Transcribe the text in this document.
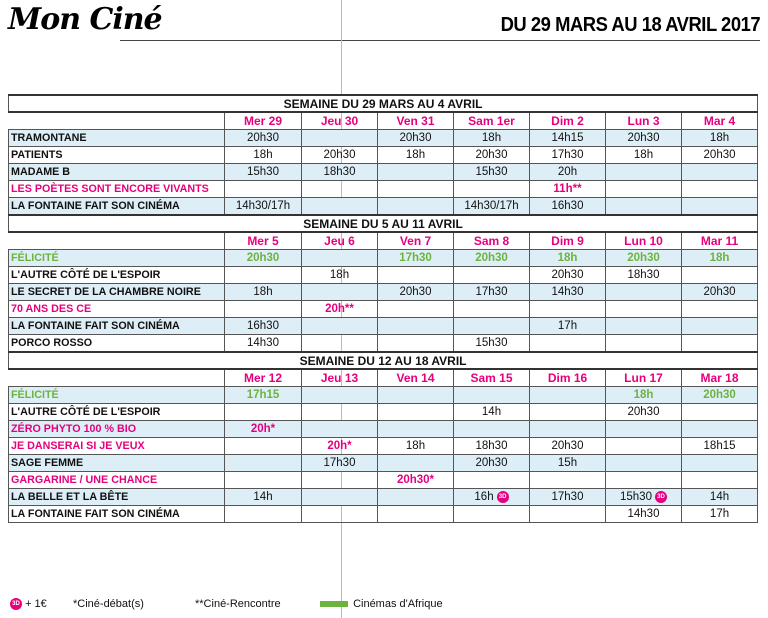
Mon Ciné	DU 29 MARS AU 18 AVRIL 2017
SEMAINE DU 29 MARS AU 4 AVRIL							
	Mer 29	Jeu 30	Ven 31	Sam 1er	Dim 2	Lun 3	Mar 4
TRAMONTANE	20h30		20h30	18h	14h15	20h30	18h
PATIENTS	18h	20h30	18h	20h30	17h30	18h	20h30
MADAME B	15h30	18h30		15h30	20h		
LES POÈTES SONT ENCORE VIVANTS					11h**		
LA FONTAINE FAIT SON CINÉMA	14h30/17h			14h30/17h	16h30		
SEMAINE DU 5 AU 11 AVRIL							
	Mer 5	Jeu 6	Ven 7	Sam 8	Dim 9	Lun 10	Mar 11
FÉLICITÉ	20h30		17h30	20h30	18h	20h30	18h
L'AUTRE CÔTÉ DE L'ESPOIR		18h			20h30	18h30	
LE SECRET DE LA CHAMBRE NOIRE	18h		20h30	17h30	14h30		20h30
70 ANS DES CE		20h**					
LA FONTAINE FAIT SON CINÉMA	16h30				17h		
PORCO ROSSO	14h30			15h30			
SEMAINE DU 12 AU 18 AVRIL							
	Mer 12	Jeu 13	Ven 14	Sam 15	Dim 16	Lun 17	Mar 18
FÉLICITÉ	17h15					18h	20h30
L'AUTRE CÔTÉ DE L'ESPOIR				14h		20h30	
ZÉRO PHYTO 100 % BIO	20h*						
JE DANSERAI SI JE VEUX		20h*	18h	18h30	20h30		18h15
SAGE FEMME		17h30		20h30	15h		
GARGARINE / UNE CHANCE			20h30*				
LA BELLE ET LA BÊTE	14h			16h 3D	17h30	15h30 3D	14h
LA FONTAINE FAIT SON CINÉMA						14h30	17h
3D + 1€ *Ciné-débat(s)	**Ciné-Rencontre	Cinémas d'Afrique
